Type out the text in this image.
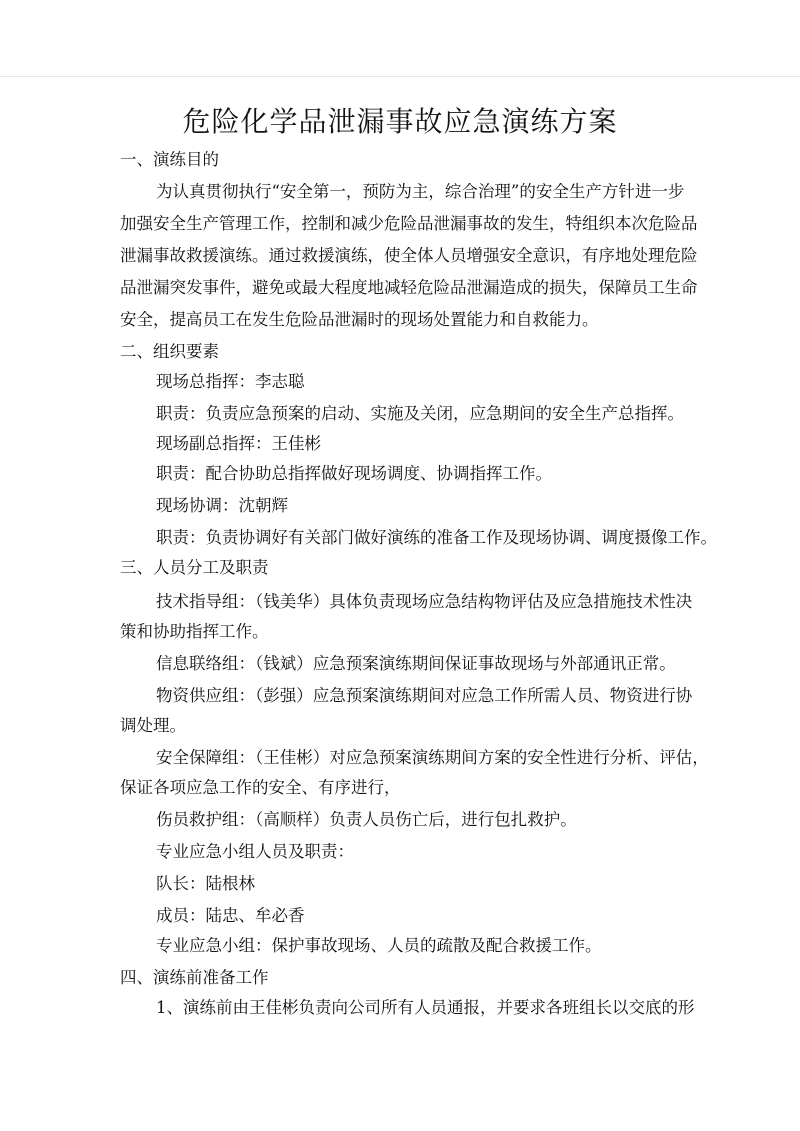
危险化学品泄漏事故应急演练方案
一、演练目的
为认真贯彻执行“安全第一，预防为主，综合治理”的安全生产方针进一步
加强安全生产管理工作，控制和减少危险品泄漏事故的发生，特组织本次危险品
泄漏事故救援演练。通过救援演练，使全体人员增强安全意识，有序地处理危险
品泄漏突发事件，避免或最大程度地减轻危险品泄漏造成的损失，保障员工生命
安全，提高员工在发生危险品泄漏时的现场处置能力和自救能力。
二、组织要素
现场总指挥：李志聪
职责：负责应急预案的启动、实施及关闭，应急期间的安全生产总指挥。
现场副总指挥：王佳彬
职责：配合协助总指挥做好现场调度、协调指挥工作。
现场协调：沈朝辉
职责：负责协调好有关部门做好演练的准备工作及现场协调、调度摄像工作。
三、人员分工及职责
技术指导组：（钱美华）具体负责现场应急结构物评估及应急措施技术性决
策和协助指挥工作。
信息联络组：（钱斌）应急预案演练期间保证事故现场与外部通讯正常。
物资供应组：（彭强）应急预案演练期间对应急工作所需人员、物资进行协
调处理。
安全保障组：（王佳彬）对应急预案演练期间方案的安全性进行分析、评估，
保证各项应急工作的安全、有序进行，
伤员救护组：（高顺样）负责人员伤亡后，进行包扎救护。
专业应急小组人员及职责：
队长：陆根林
成员：陆忠、牟必香
专业应急小组：保护事故现场、人员的疏散及配合救援工作。
四、演练前准备工作
1、演练前由王佳彬负责向公司所有人员通报，并要求各班组长以交底的形
